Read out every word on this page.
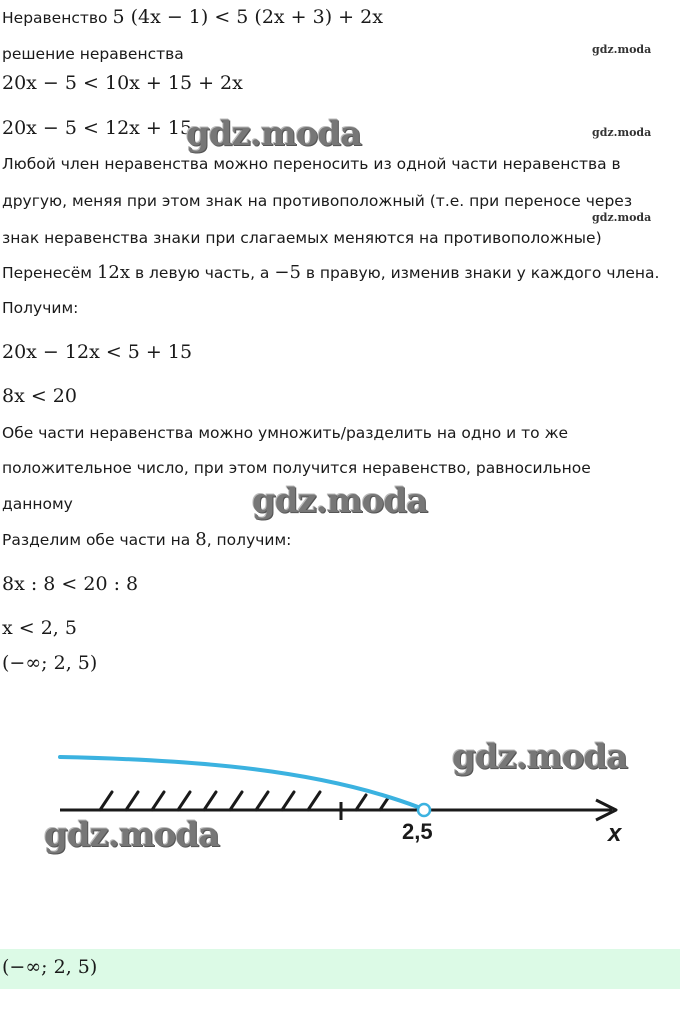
Неравенство 5 (4x − 1) < 5 (2x + 3) + 2x
решение неравенства
20x − 5 < 10x + 15 + 2x
20x − 5 < 12x + 15
Любой член неравенства можно переносить из одной части неравенства в
другую, меняя при этом знак на противоположный (т.е. при переносе через
знак неравенства знаки при слагаемых меняются на противоположные)
Перенесём 12x в левую часть, а −5 в правую, изменив знаки у каждого члена.
Получим:
20x − 12x < 5 + 15
8x < 20
Обе части неравенства можно умножить/разделить на одно и то же
положительное число, при этом получится неравенство, равносильное
данному
Разделим обе части на 8, получим:
8x : 8 < 20 : 8
x < 2, 5
(−∞; 2, 5)
2,5	x
(−∞; 2, 5)
gdz.moda
gdz.moda
gdz.moda
gdz.moda
gdz.moda
gdz.moda
gdz.moda
